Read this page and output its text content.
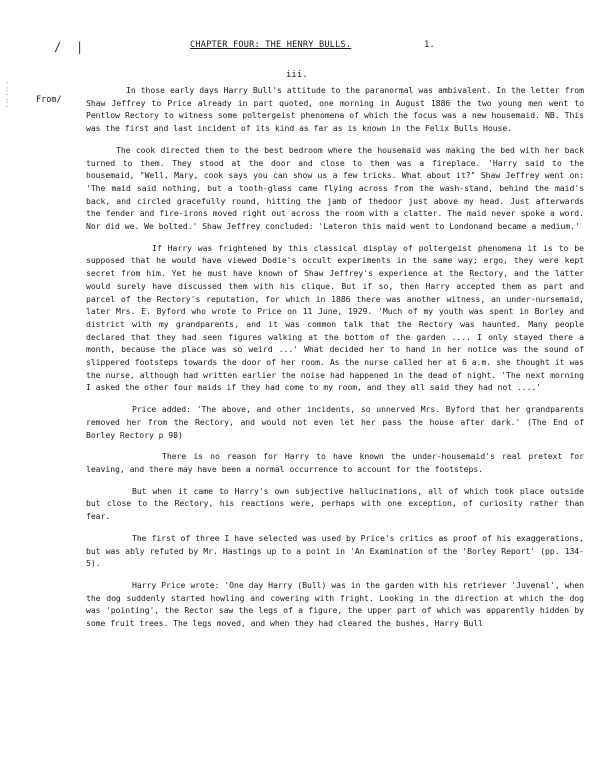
/ |
·
:
·
:
·
CHAPTER FOUR: THE HENRY BULLS.	1.
iii.
From/

In those early days Harry Bull's attitude to the paranormal was ambivalent. In the letter from Shaw Jeffrey to Price already in part quoted, one morning in August 1886 the two young men went to Pentlow Rectory to witness some poltergeist phenomena of which the focus was a new housemaid. NB. This was the first and last incident of its kind as far as is known in the Felix Bulls House.

The cook directed them to the best bedroom where the housemaid was making the bed with her back turned to them. They stood at the door and close to them was a fireplace. 'Harry said to the housemaid, "Well, Mary, cook says you can show us a few tricks. What about it?" Shaw Jeffrey went on: 'The maid said nothing, but a tooth-glass came flying across from the wash-stand, behind the maid's back, and circled gracefully round, hitting the jamb of thedoor just above my head. Just afterwards the fender and fire-irons moved right out across the room with a clatter. The maid never spoke a word. Nor did we. We bolted.' Shaw Jeffrey concluded: 'Lateron this maid went to Londonand became a medium.'

If Harry was frightened by this classical display of poltergeist phenomena it is to be supposed that he would have viewed Dodie's occult experiments in the same way; ergo, they were kept secret from him. Yet he must have known of Shaw Jeffrey's experience at the Rectory, and the latter would surely have discussed them with his clique. But if so, then Harry accepted them as part and parcel of the Rectory's reputation, for which in 1886 there was another witness, an under-nursemaid, later Mrs. E. Byford who wrote to Price on 11 June, 1929. 'Much of my youth was spent in Borley and district with my grandparents, and it was common talk that the Rectory was haunted. Many people declared that they had seen figures walking at the bottom of the garden .... I only stayed there a month, because the place was so weird ...' What decided her to hand in her notice was the sound of slippered footsteps towards the door of her room. As the nurse called her at 6 a.m. she thought it was the nurse, although had written earlier the noise had happened in the dead of night. 'The next morning I asked the other four maids if they had come to my room, and they all said they had not ....'

Price added: 'The above, and other incidents, so unnerved Mrs. Byford that her grandparents removed her from the Rectory, and would not even let her pass the house after dark.' (The End of Borley Rectory p 98)

There is no reason for Harry to have known the under-housemaid's real pretext for leaving, and there may have been a normal occurrence to account for the footsteps.

But when it came to Harry's own subjective hallucinations, all of which took place outside but close to the Rectory, his reactions were, perhaps with one exception, of curiosity rather than fear.

The first of three I have selected was used by Price's critics as proof of his exaggerations, but was ably refuted by Mr. Hastings up to a point in 'An Examination of the 'Borley Report' (pp. 134-5).

Harry Price wrote: 'One day Harry (Bull) was in the garden with his retriever 'Juvenal', when the dog suddenly started howling and cowering with fright. Looking in the direction at which the dog was 'pointing', the Rector saw the legs of a figure, the upper part of which was apparently hidden by some fruit trees. The legs moved, and when they had cleared the bushes, Harry Bull
